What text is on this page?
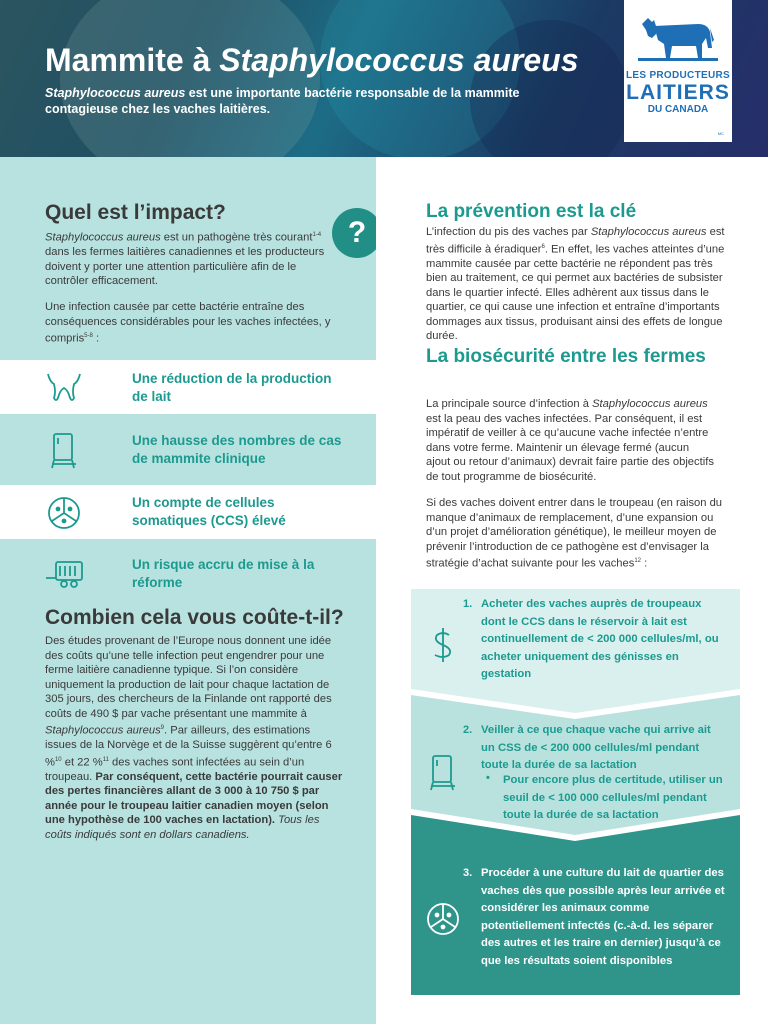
Mammite à Staphylococcus aureus
Staphylococcus aureus est une importante bactérie responsable de la mammite contagieuse chez les vaches laitières.
LES PRODUCTEURS
LAITIERS
DU CANADA
MC
Quel est l’impact?
?
Staphylococcus aureus est un pathogène très courant$^{1-4}$ dans les fermes laitières canadiennes et les producteurs doivent y porter une attention particulière afin de le contrôler efficacement.
Une infection causée par cette bactérie entraîne des conséquences considérables pour les vaches infectées, y compris$^{5-8}$ :
Une réduction de la production de lait
Une hausse des nombres de cas de mammite clinique
Un compte de cellules somatiques (CCS) élevé
Un risque accru de mise à la réforme
Combien cela vous coûte-t-il?
Des études provenant de l’Europe nous donnent une idée des coûts qu’une telle infection peut engendrer pour une ferme laitière canadienne typique. Si l’on considère uniquement la production de lait pour chaque lactation de 305 jours, des chercheurs de la Finlande ont rapporté des coûts de 490 $ par vache présentant une mammite à Staphylococcus aureus$^9$. Par ailleurs, des estimations issues de la Norvège et de la Suisse suggèrent qu’entre 6 %$^{10}$ et 22 %$^{11}$ des vaches sont infectées au sein d’un troupeau. Par conséquent, cette bactérie pourrait causer des pertes financières allant de 3 000 à 10 750 $ par année pour le troupeau laitier canadien moyen (selon une hypothèse de 100 vaches en lactation). Tous les coûts indiqués sont en dollars canadiens.
La prévention est la clé
L’infection du pis des vaches par Staphylococcus aureus est très difficile à éradiquer$^6$. En effet, les vaches atteintes d’une mammite causée par cette bactérie ne répondent pas très bien au traitement, ce qui permet aux bactéries de subsister dans le quartier infecté. Elles adhèrent aux tissus dans le quartier, ce qui cause une infection et entraîne d’importants dommages aux tissus, produisant ainsi des effets de longue durée.
La biosécurité entre les fermes
La principale source d’infection à Staphylococcus aureus est la peau des vaches infectées. Par conséquent, il est impératif de veiller à ce qu’aucune vache infectée n’entre dans votre ferme. Maintenir un élevage fermé (aucun ajout ou retour d’animaux) devrait faire partie des objectifs de tout programme de biosécurité.
Si des vaches doivent entrer dans le troupeau (en raison du manque d’animaux de remplacement, d’une expansion ou d’un projet d’amélioration génétique), le meilleur moyen de prévenir l’introduction de ce pathogène est d’envisager la stratégie d’achat suivante pour les vaches$^{12}$ :
1. Acheter des vaches auprès de troupeaux dont le CCS dans le réservoir à lait est continuellement de < 200 000 cellules/ml, ou acheter uniquement des génisses en gestation
2. Veiller à ce que chaque vache qui arrive ait un CSS de < 200 000 cellules/ml pendant toute la durée de sa lactation
• Pour encore plus de certitude, utiliser un seuil de < 100 000 cellules/ml pendant toute la durée de sa lactation
3. Procéder à une culture du lait de quartier des vaches dès que possible après leur arrivée et considérer les animaux comme potentiellement infectés (c.-à-d. les séparer des autres et les traire en dernier) jusqu’à ce que les résultats soient disponibles
